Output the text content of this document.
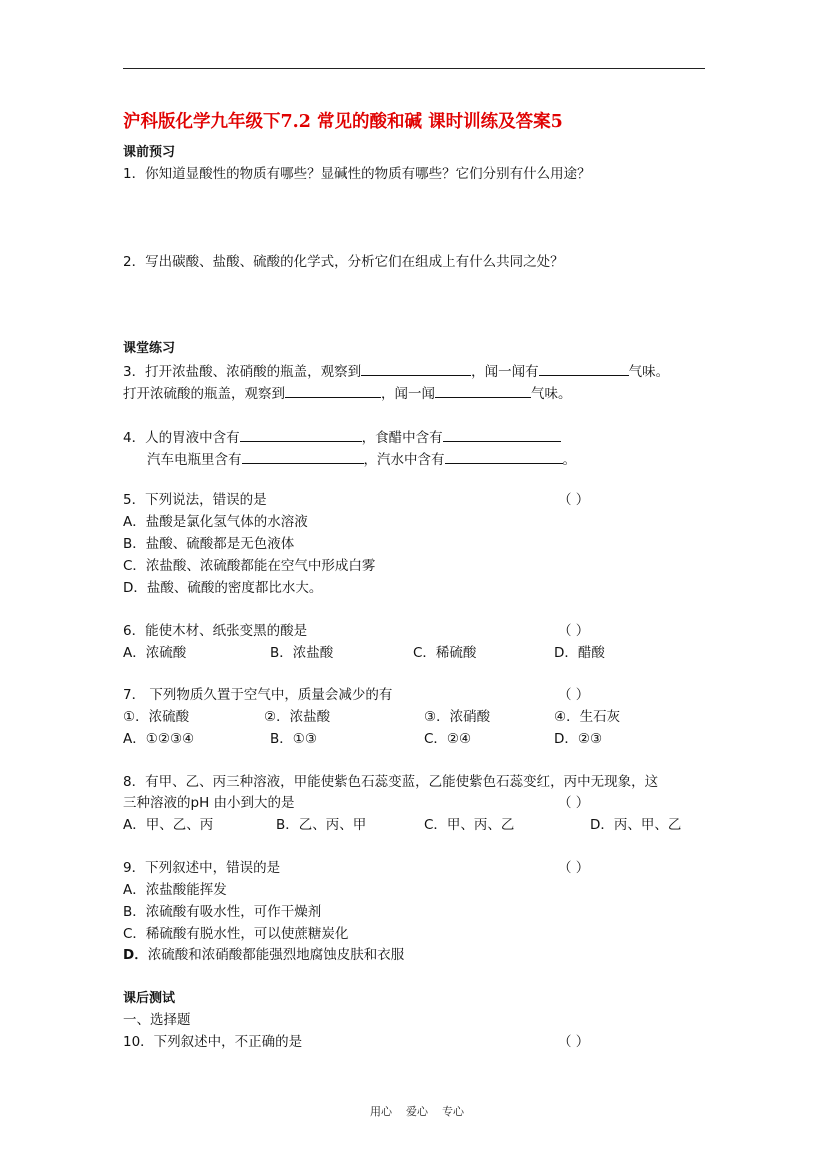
沪科版化学九年级下7.2 常见的酸和碱 课时训练及答案5
课前预习
1．你知道显酸性的物质有哪些？显碱性的物质有哪些？它们分别有什么用途？
2．写出碳酸、盐酸、硫酸的化学式，分析它们在组成上有什么共同之处？
课堂练习
3．打开浓盐酸、浓硝酸的瓶盖，观察到	，闻一闻有	气味。
打开浓硫酸的瓶盖，观察到	，闻一闻	气味。
4．人的胃液中含有	，食醋中含有
汽车电瓶里含有	，汽水中含有	。
5．下列说法，错误的是	（ ）
A．盐酸是氯化氢气体的水溶液
B．盐酸、硫酸都是无色液体
C．浓盐酸、浓硫酸都能在空气中形成白雾
D．盐酸、硫酸的密度都比水大。
6．能使木材、纸张变黑的酸是	（ ）
A．浓硫酸	B．浓盐酸	C．稀硫酸	D．醋酸
7． 下列物质久置于空气中，质量会减少的有	（ ）
①．浓硫酸	②．浓盐酸	③．浓硝酸	④．生石灰
A．①②③④	B．①③	C．②④	D．②③
8．有甲、乙、丙三种溶液，甲能使紫色石蕊变蓝，乙能使紫色石蕊变红，丙中无现象，这
三种溶液的pH 由小到大的是	（ ）
A．甲、乙、丙	B．乙、丙、甲	C．甲、丙、乙	D．丙、甲、乙
9．下列叙述中，错误的是	（ ）
A．浓盐酸能挥发
B．浓硫酸有吸水性，可作干燥剂
C．稀硫酸有脱水性，可以使蔗糖炭化
D．浓硫酸和浓硝酸都能强烈地腐蚀皮肤和衣服
课后测试
一、选择题
10．下列叙述中，不正确的是	（ ）
用心    爱心    专心
